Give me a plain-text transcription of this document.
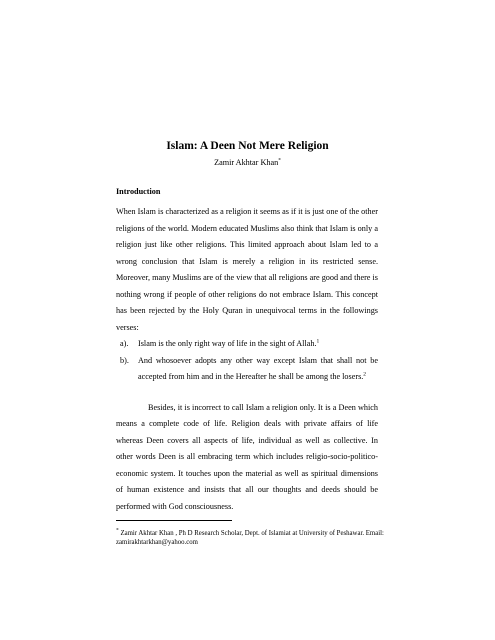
Islam: A Deen Not Mere Religion

Zamir Akhtar Khan*

Introduction

When Islam is characterized as a religion it seems as if it is just one of the other religions of the world. Modern educated Muslims also think that Islam is only a religion just like other religions. This limited approach about Islam led to a wrong conclusion that Islam is merely a religion in its restricted sense. Moreover, many Muslims are of the view that all religions are good and there is nothing wrong if people of other religions do not embrace Islam. This concept has been rejected by the Holy Quran in unequivocal terms in the followings verses:

a). Islam is the only right way of life in the sight of Allah.$^1$
b). And whosoever adopts any other way except Islam that shall not be accepted from him and in the Hereafter he shall be among the losers.$^2$

Besides, it is incorrect to call Islam a religion only. It is a Deen which means a complete code of life. Religion deals with private affairs of life whereas Deen covers all aspects of life, individual as well as collective. In other words Deen is all embracing term which includes religio-socio-politico-economic system. It touches upon the material as well as spiritual dimensions of human existence and insists that all our thoughts and deeds should be performed with God consciousness.

* Zamir Akhtar Khan , Ph D Research Scholar, Dept. of Islamiat at University of Peshawar. Email: zamirakhtarkhan@yahoo.com
